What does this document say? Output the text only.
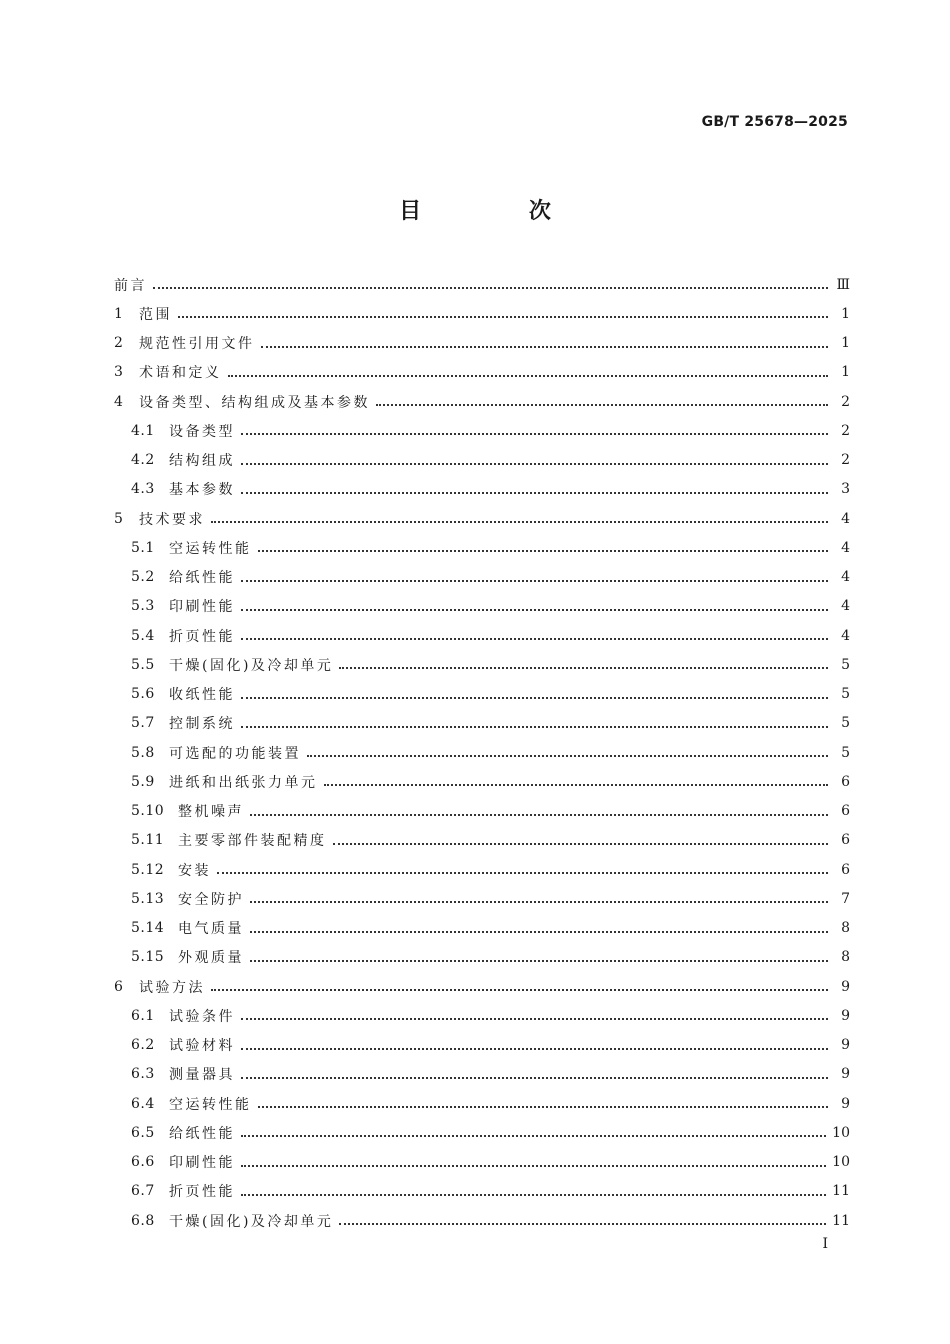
GB/T 25678—2025
目 次
前言	Ⅲ
1	范围	1
2	规范性引用文件	1
3	术语和定义	1
4	设备类型、结构组成及基本参数	2
4.1	设备类型	2
4.2	结构组成	2
4.3	基本参数	3
5	技术要求	4
5.1	空运转性能	4
5.2	给纸性能	4
5.3	印刷性能	4
5.4	折页性能	4
5.5	干燥(固化)及冷却单元	5
5.6	收纸性能	5
5.7	控制系统	5
5.8	可选配的功能装置	5
5.9	进纸和出纸张力单元	6
5.10 整机噪声	6
5.11 主要零部件装配精度	6
5.12 安装	6
5.13 安全防护	7
5.14 电气质量	8
5.15 外观质量	8
6	试验方法	9
6.1	试验条件	9
6.2	试验材料	9
6.3	测量器具	9
6.4	空运转性能	9
6.5	给纸性能	10
6.6	印刷性能	10
6.7	折页性能	11
6.8	干燥(固化)及冷却单元	11
Ⅰ
